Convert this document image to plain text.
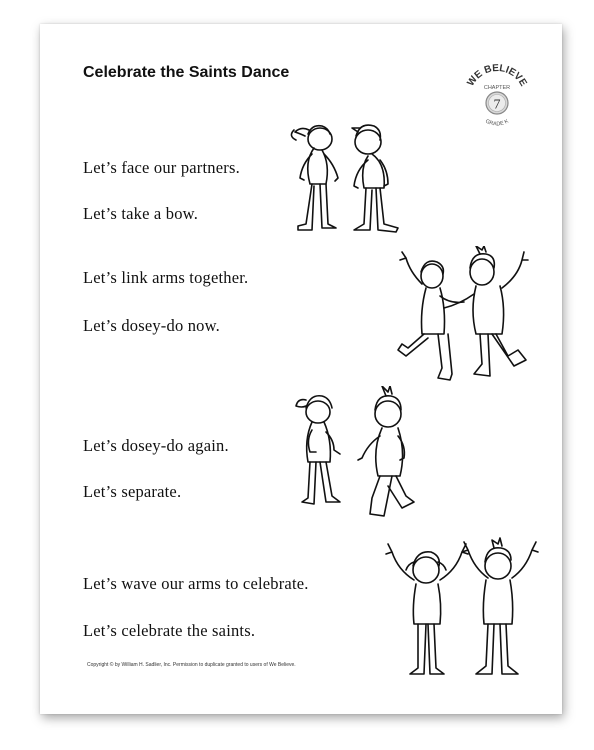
Celebrate the Saints Dance
WE BELIEVE
CHAPTER
7
GRADE K
Let’s face our partners.
Let’s take a bow.
Let’s link arms together.
Let’s dosey-do now.
Let’s dosey-do again.
Let’s separate.
Let’s wave our arms to celebrate.
Let’s celebrate the saints.
Copyright © by William H. Sadlier, Inc. Permission to duplicate granted to users of We Believe.
